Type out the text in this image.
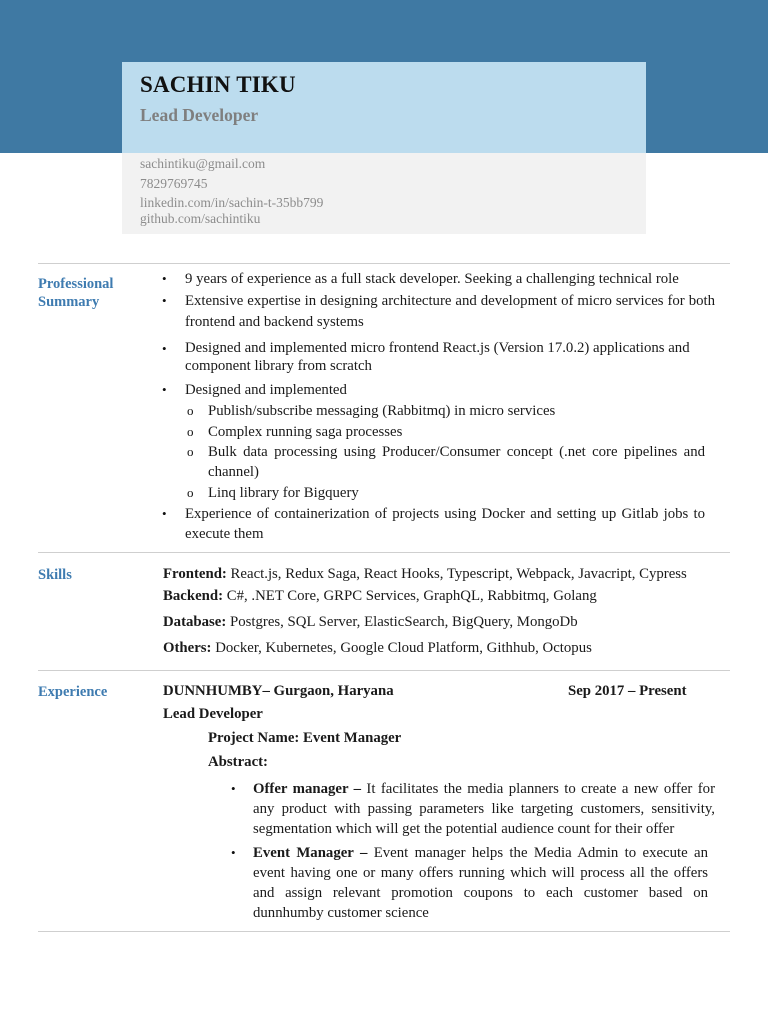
SACHIN TIKU
Lead Developer
sachintiku@gmail.com
7829769745
linkedin.com/in/sachin-t-35bb799
github.com/sachintiku
Professional Summary
• 9 years of experience as a full stack developer. Seeking a challenging technical role
• Extensive expertise in designing architecture and development of micro services for both frontend and backend systems
• Designed and implemented micro frontend React.js (Version 17.0.2) applications and component library from scratch
• Designed and implemented
o Publish/subscribe messaging (Rabbitmq) in micro services
o Complex running saga processes
o Bulk data processing using Producer/Consumer concept (.net core pipelines and channel)
o Linq library for Bigquery
• Experience of containerization of projects using Docker and setting up Gitlab jobs to execute them
Skills	Frontend: React.js, Redux Saga, React Hooks, Typescript, Webpack, Javacript, Cypress
Backend: C#, .NET Core, GRPC Services, GraphQL, Rabbitmq, Golang
Database: Postgres, SQL Server, ElasticSearch, BigQuery, MongoDb
Others: Docker, Kubernetes, Google Cloud Platform, Githhub, Octopus
Experience	DUNNHUMBY– Gurgaon, Haryana	Sep 2017 – Present
Lead Developer
Project Name: Event Manager
Abstract:
• Offer manager – It facilitates the media planners to create a new offer for any product with passing parameters like targeting customers, sensitivity, segmentation which will get the potential audience count for their offer
• Event Manager – Event manager helps the Media Admin to execute an event having one or many offers running which will process all the offers and assign relevant promotion coupons to each customer based on dunnhumby customer science
